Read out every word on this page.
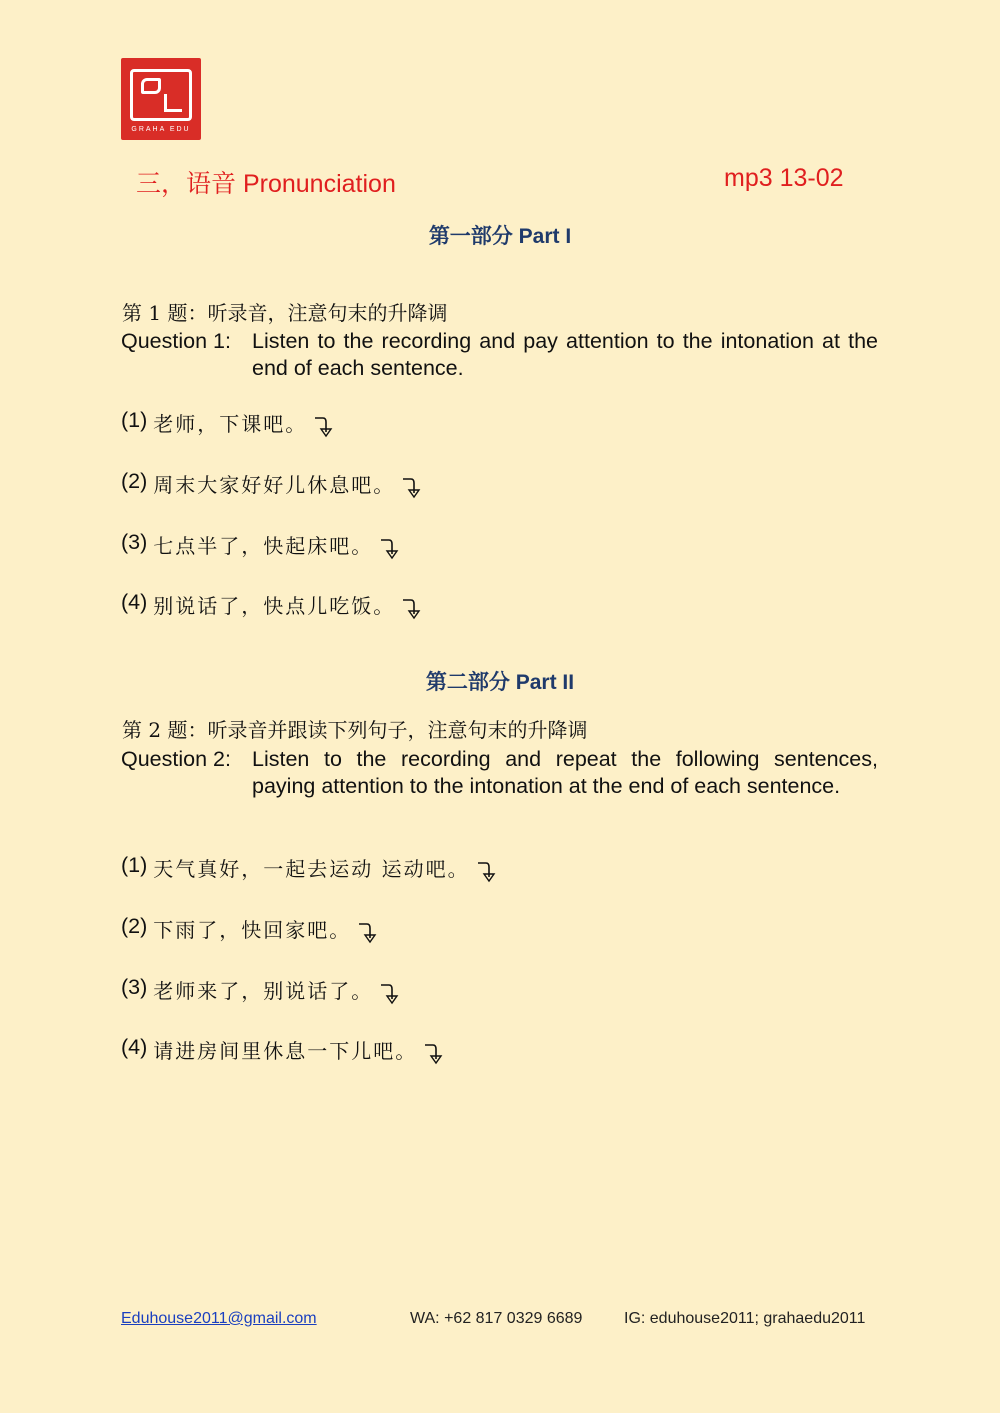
GRAHA EDU
三，语音 Pronunciation	mp3 13-02
第一部分 Part I
第 1 题：听录音，注意句末的升降调
Question 1: Listen to the recording and pay attention to the intonation at the end of each sentence.
(1) 老师，下课吧。
(2) 周末大家好好儿休息吧。
(3) 七点半了，快起床吧。
(4) 别说话了，快点儿吃饭。
第二部分 Part II
第 2 题：听录音并跟读下列句子，注意句末的升降调
Question 2: Listen to the recording and repeat the following sentences, paying attention to the intonation at the end of each sentence.
(1) 天气真好，一起去运动 运动吧。
(2) 下雨了，快回家吧。
(3) 老师来了，别说话了。
(4) 请进房间里休息一下儿吧。
Eduhouse2011@gmail.com	WA: +62 817 0329 6689	IG: eduhouse2011; grahaedu2011
